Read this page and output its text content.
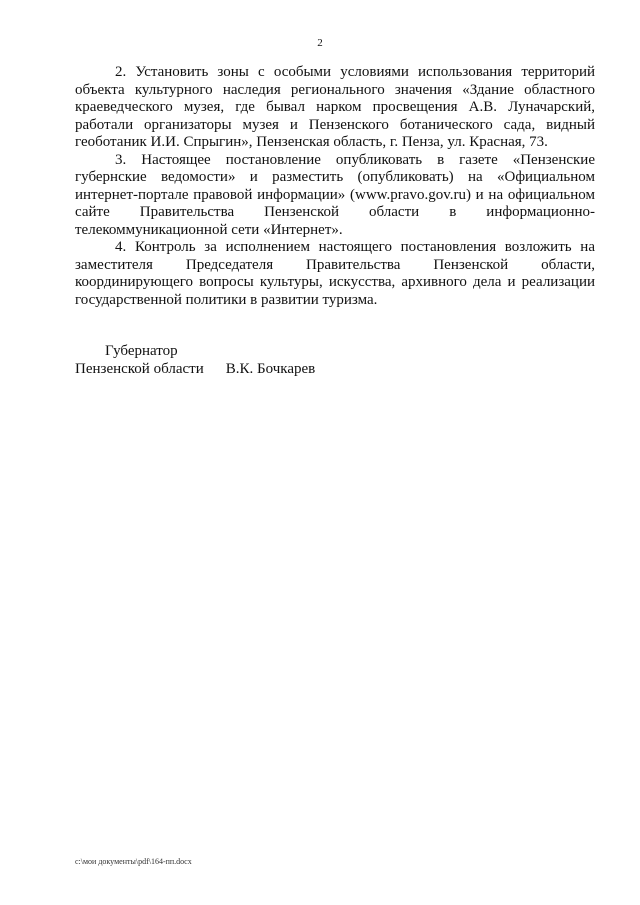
2

2. Установить зоны с особыми условиями использования территорий объекта культурного наследия регионального значения «Здание областного краеведческого музея, где бывал нарком просвещения А.В. Луначарский, работали организаторы музея и Пензенского ботанического сада, видный геоботаник И.И. Спрыгин», Пензенская область, г. Пенза, ул. Красная, 73.

3. Настоящее постановление опубликовать в газете «Пензенские губернские ведомости» и разместить (опубликовать) на «Официальном интернет-портале правовой информации» (www.pravo.gov.ru) и на официальном сайте Правительства Пензенской области в информационно-телекоммуникационной сети «Интернет».

4. Контроль за исполнением настоящего постановления возложить на заместителя Председателя Правительства Пензенской области, координирующего вопросы культуры, искусства, архивного дела и реализации государственной политики в развитии туризма.

Губернатор
Пензенской области В.К. Бочкарев
c:\мои документы\pdf\164-пп.docx
